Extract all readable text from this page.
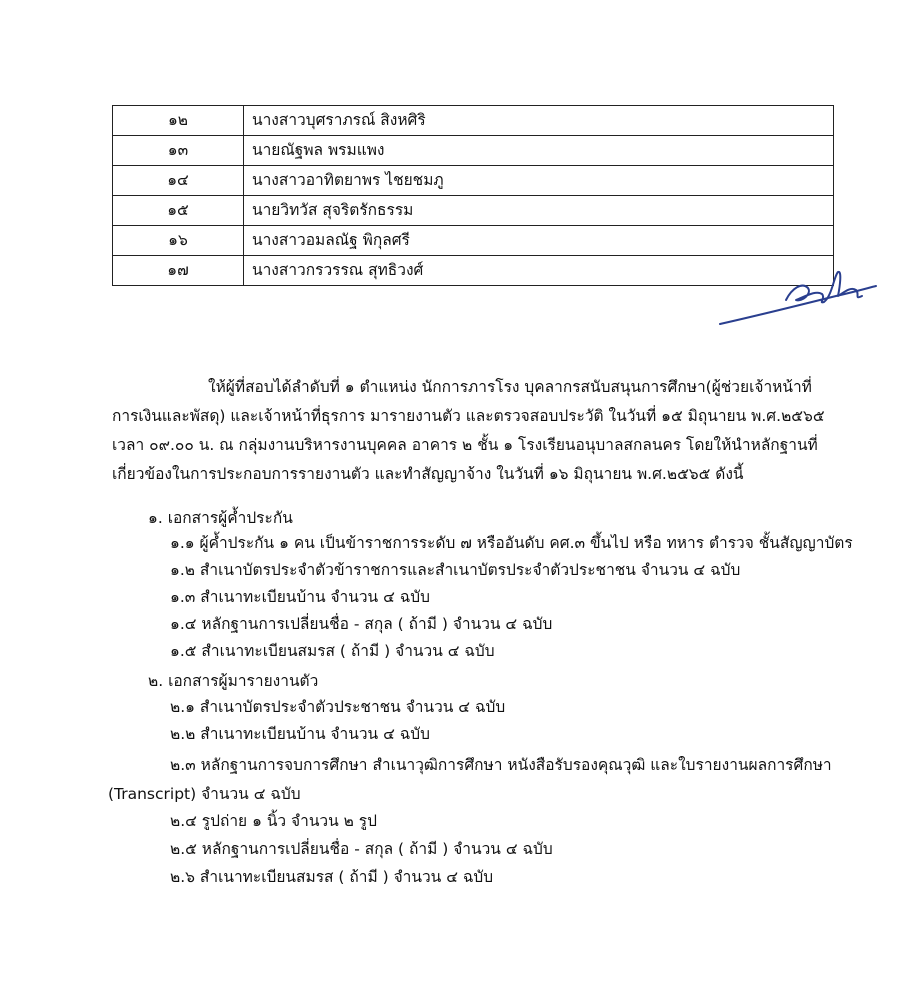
๑๒	นางสาวบุศราภรณ์ สิงหศิริ
๑๓	นายณัฐพล พรมแพง
๑๔	นางสาวอาทิตยาพร ไชยชมภู
๑๕	นายวิทวัส สุจริตรักธรรม
๑๖	นางสาวอมลณัฐ พิกุลศรี
๑๗	นางสาวกรวรรณ สุทธิวงศ์
ให้ผู้ที่สอบได้ลำดับที่ ๑ ตำแหน่ง นักการภารโรง บุคลากรสนับสนุนการศึกษา(ผู้ช่วยเจ้าหน้าที่
การเงินและพัสดุ) และเจ้าหน้าที่ธุรการ มารายงานตัว และตรวจสอบประวัติ ในวันที่ ๑๕ มิถุนายน พ.ศ.๒๕๖๕
เวลา ๐๙.๐๐ น. ณ กลุ่มงานบริหารงานบุคคล อาคาร ๒ ชั้น ๑ โรงเรียนอนุบาลสกลนคร โดยให้นำหลักฐานที่
เกี่ยวข้องในการประกอบการรายงานตัว และทำสัญญาจ้าง ในวันที่ ๑๖ มิถุนายน พ.ศ.๒๕๖๕ ดังนี้
๑. เอกสารผู้ค้ำประกัน
๑.๑ ผู้ค้ำประกัน ๑ คน เป็นข้าราชการระดับ ๗ หรืออันดับ คศ.๓ ขึ้นไป หรือ ทหาร ตำรวจ ชั้นสัญญาบัตร
๑.๒ สำเนาบัตรประจำตัวข้าราชการและสำเนาบัตรประจำตัวประชาชน จำนวน ๔ ฉบับ
๑.๓ สำเนาทะเบียนบ้าน จำนวน ๔ ฉบับ
๑.๔ หลักฐานการเปลี่ยนชื่อ - สกุล ( ถ้ามี ) จำนวน ๔ ฉบับ
๑.๕ สำเนาทะเบียนสมรส ( ถ้ามี ) จำนวน ๔ ฉบับ
๒. เอกสารผู้มารายงานตัว
๒.๑ สำเนาบัตรประจำตัวประชาชน จำนวน ๔ ฉบับ
๒.๒ สำเนาทะเบียนบ้าน จำนวน ๔ ฉบับ
๒.๓ หลักฐานการจบการศึกษา สำเนาวุฒิการศึกษา หนังสือรับรองคุณวุฒิ และใบรายงานผลการศึกษา
(Transcript) จำนวน ๔ ฉบับ
๒.๔ รูปถ่าย ๑ นิ้ว จำนวน ๒ รูป
๒.๕ หลักฐานการเปลี่ยนชื่อ - สกุล ( ถ้ามี ) จำนวน ๔ ฉบับ
๒.๖ สำเนาทะเบียนสมรส ( ถ้ามี ) จำนวน ๔ ฉบับ
